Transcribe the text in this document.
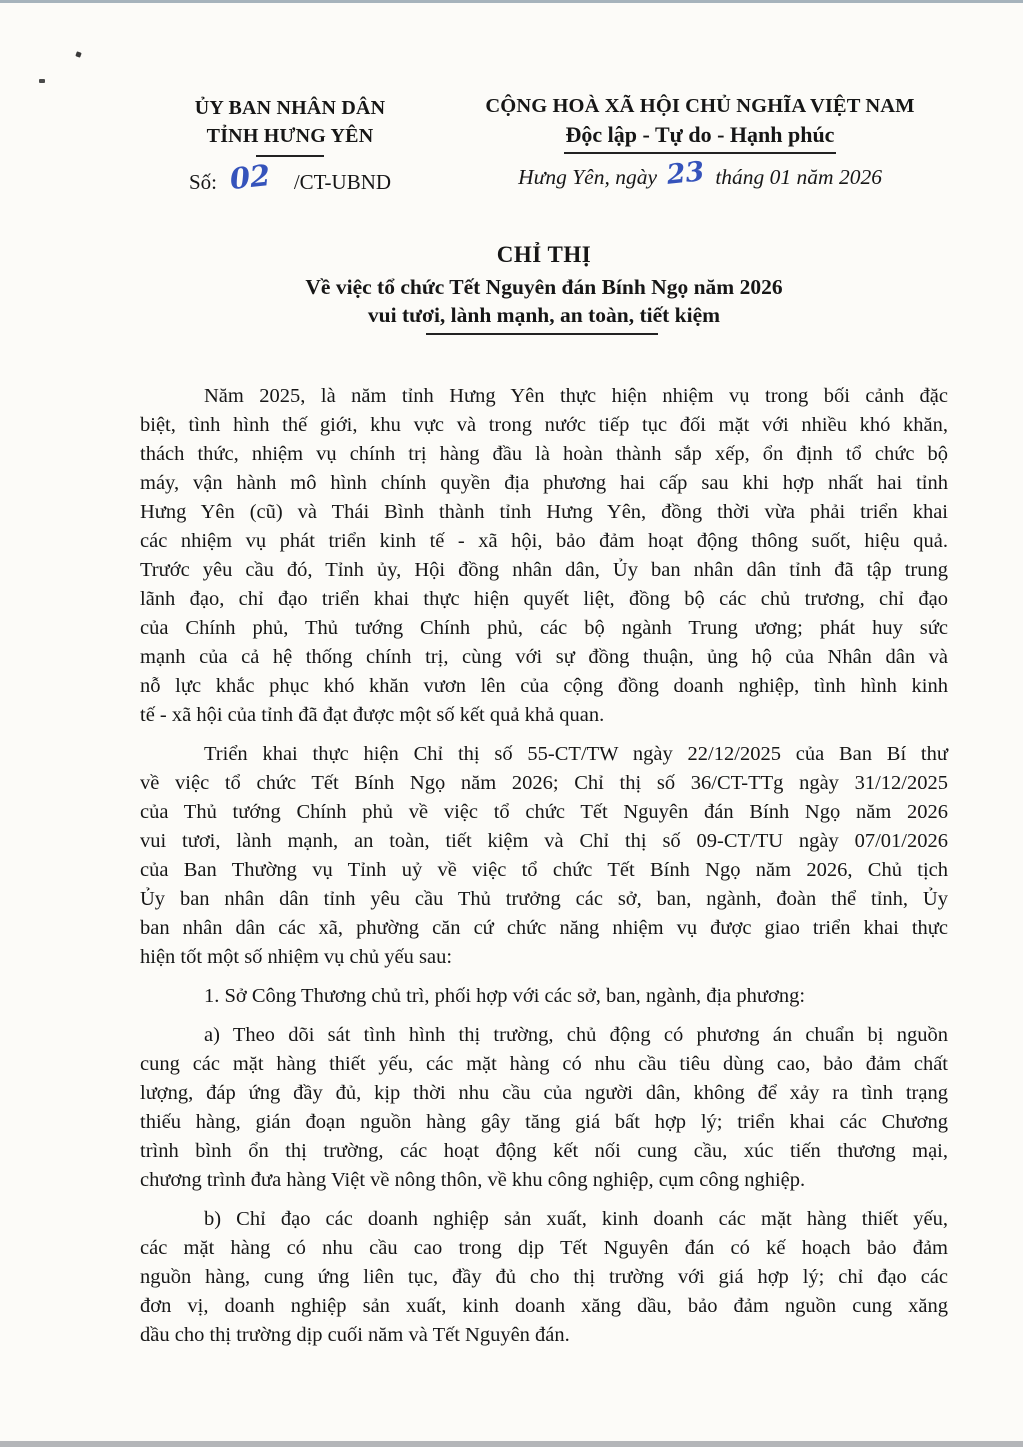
ỦY BAN NHÂN DÂN
TỈNH HƯNG YÊN
Số: 02 /CT-UBND
CỘNG HOÀ XÃ HỘI CHỦ NGHĨA VIỆT NAM
Độc lập - Tự do - Hạnh phúc
Hưng Yên, ngày 23 tháng 01 năm 2026
CHỈ THỊ
Về việc tổ chức Tết Nguyên đán Bính Ngọ năm 2026
vui tươi, lành mạnh, an toàn, tiết kiệm
Năm 2025, là năm tỉnh Hưng Yên thực hiện nhiệm vụ trong bối cảnh đặc
biệt, tình hình thế giới, khu vực và trong nước tiếp tục đối mặt với nhiều khó khăn,
thách thức, nhiệm vụ chính trị hàng đầu là hoàn thành sắp xếp, ổn định tổ chức bộ
máy, vận hành mô hình chính quyền địa phương hai cấp sau khi hợp nhất hai tỉnh
Hưng Yên (cũ) và Thái Bình thành tỉnh Hưng Yên, đồng thời vừa phải triển khai
các nhiệm vụ phát triển kinh tế - xã hội, bảo đảm hoạt động thông suốt, hiệu quả.
Trước yêu cầu đó, Tỉnh ủy, Hội đồng nhân dân, Ủy ban nhân dân tỉnh đã tập trung
lãnh đạo, chỉ đạo triển khai thực hiện quyết liệt, đồng bộ các chủ trương, chỉ đạo
của Chính phủ, Thủ tướng Chính phủ, các bộ ngành Trung ương; phát huy sức
mạnh của cả hệ thống chính trị, cùng với sự đồng thuận, ủng hộ của Nhân dân và
nỗ lực khắc phục khó khăn vươn lên của cộng đồng doanh nghiệp, tình hình kinh
tế - xã hội của tỉnh đã đạt được một số kết quả khả quan.
Triển khai thực hiện Chỉ thị số 55-CT/TW ngày 22/12/2025 của Ban Bí thư
về việc tổ chức Tết Bính Ngọ năm 2026; Chỉ thị số 36/CT-TTg ngày 31/12/2025
của Thủ tướng Chính phủ về việc tổ chức Tết Nguyên đán Bính Ngọ năm 2026
vui tươi, lành mạnh, an toàn, tiết kiệm và Chỉ thị số 09-CT/TU ngày 07/01/2026
của Ban Thường vụ Tỉnh uỷ về việc tổ chức Tết Bính Ngọ năm 2026, Chủ tịch
Ủy ban nhân dân tỉnh yêu cầu Thủ trưởng các sở, ban, ngành, đoàn thể tỉnh, Ủy
ban nhân dân các xã, phường căn cứ chức năng nhiệm vụ được giao triển khai thực
hiện tốt một số nhiệm vụ chủ yếu sau:
1. Sở Công Thương chủ trì, phối hợp với các sở, ban, ngành, địa phương:
a) Theo dõi sát tình hình thị trường, chủ động có phương án chuẩn bị nguồn
cung các mặt hàng thiết yếu, các mặt hàng có nhu cầu tiêu dùng cao, bảo đảm chất
lượng, đáp ứng đầy đủ, kịp thời nhu cầu của người dân, không để xảy ra tình trạng
thiếu hàng, gián đoạn nguồn hàng gây tăng giá bất hợp lý; triển khai các Chương
trình bình ổn thị trường, các hoạt động kết nối cung cầu, xúc tiến thương mại,
chương trình đưa hàng Việt về nông thôn, về khu công nghiệp, cụm công nghiệp.
b) Chỉ đạo các doanh nghiệp sản xuất, kinh doanh các mặt hàng thiết yếu,
các mặt hàng có nhu cầu cao trong dịp Tết Nguyên đán có kế hoạch bảo đảm
nguồn hàng, cung ứng liên tục, đầy đủ cho thị trường với giá hợp lý; chỉ đạo các
đơn vị, doanh nghiệp sản xuất, kinh doanh xăng dầu, bảo đảm nguồn cung xăng
dầu cho thị trường dịp cuối năm và Tết Nguyên đán.
